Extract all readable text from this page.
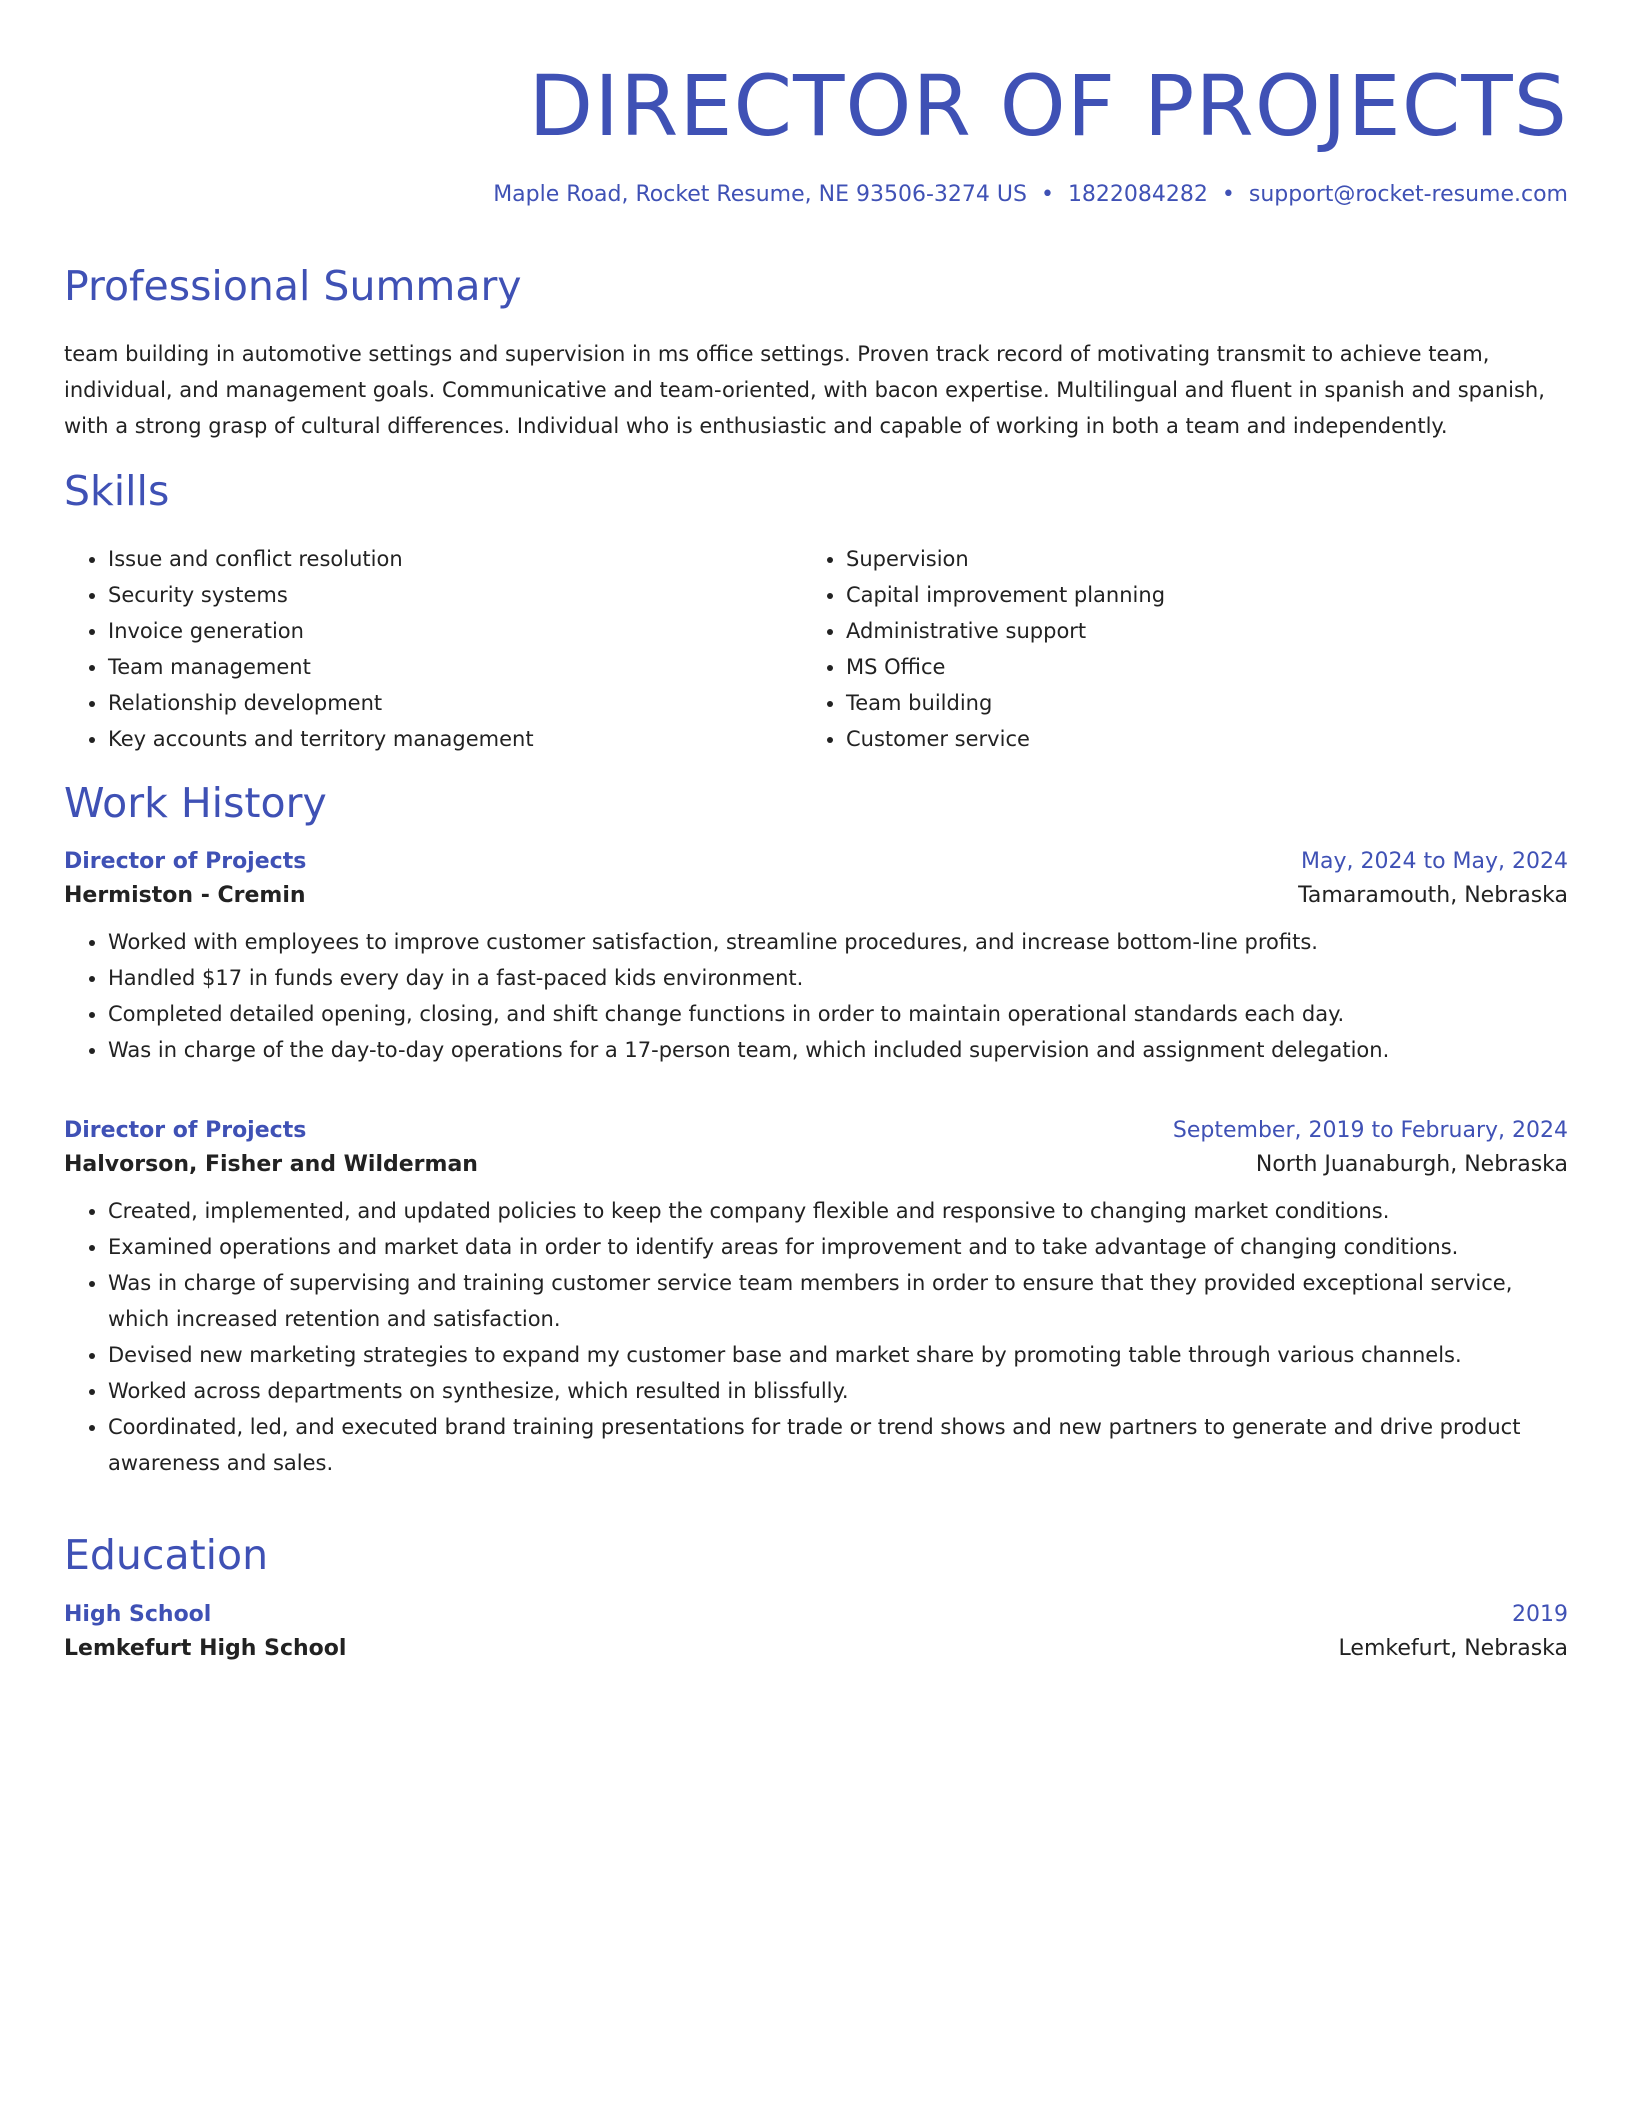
DIRECTOR OF PROJECTS
Maple Road, Rocket Resume, NE 93506-3274 US • 1822084282 • support@rocket-resume.com
Professional Summary

team building in automotive settings and supervision in ms office settings. Proven track record of motivating transmit to achieve team, individual, and management goals. Communicative and team-oriented, with bacon expertise. Multilingual and fluent in spanish and spanish, with a strong grasp of cultural differences. Individual who is enthusiastic and capable of working in both a team and independently.

Skills
• Issue and conflict resolution
• Security systems
• Invoice generation
• Team management
• Relationship development
• Key accounts and territory management
• Supervision
• Capital improvement planning
• Administrative support
• MS Office
• Team building
• Customer service
Work History
Director of Projects	May, 2024 to May, 2024
Hermiston - Cremin	Tamaramouth, Nebraska
• Worked with employees to improve customer satisfaction, streamline procedures, and increase bottom-line profits.
• Handled $17 in funds every day in a fast-paced kids environment.
• Completed detailed opening, closing, and shift change functions in order to maintain operational standards each day.
• Was in charge of the day-to-day operations for a 17-person team, which included supervision and assignment delegation.
Director of Projects	September, 2019 to February, 2024
Halvorson, Fisher and Wilderman	North Juanaburgh, Nebraska
• Created, implemented, and updated policies to keep the company flexible and responsive to changing market conditions.
• Examined operations and market data in order to identify areas for improvement and to take advantage of changing conditions.
• Was in charge of supervising and training customer service team members in order to ensure that they provided exceptional service, which increased retention and satisfaction.
• Devised new marketing strategies to expand my customer base and market share by promoting table through various channels.
• Worked across departments on synthesize, which resulted in blissfully.
• Coordinated, led, and executed brand training presentations for trade or trend shows and new partners to generate and drive product awareness and sales.
Education
High School	2019
Lemkefurt High School	Lemkefurt, Nebraska
